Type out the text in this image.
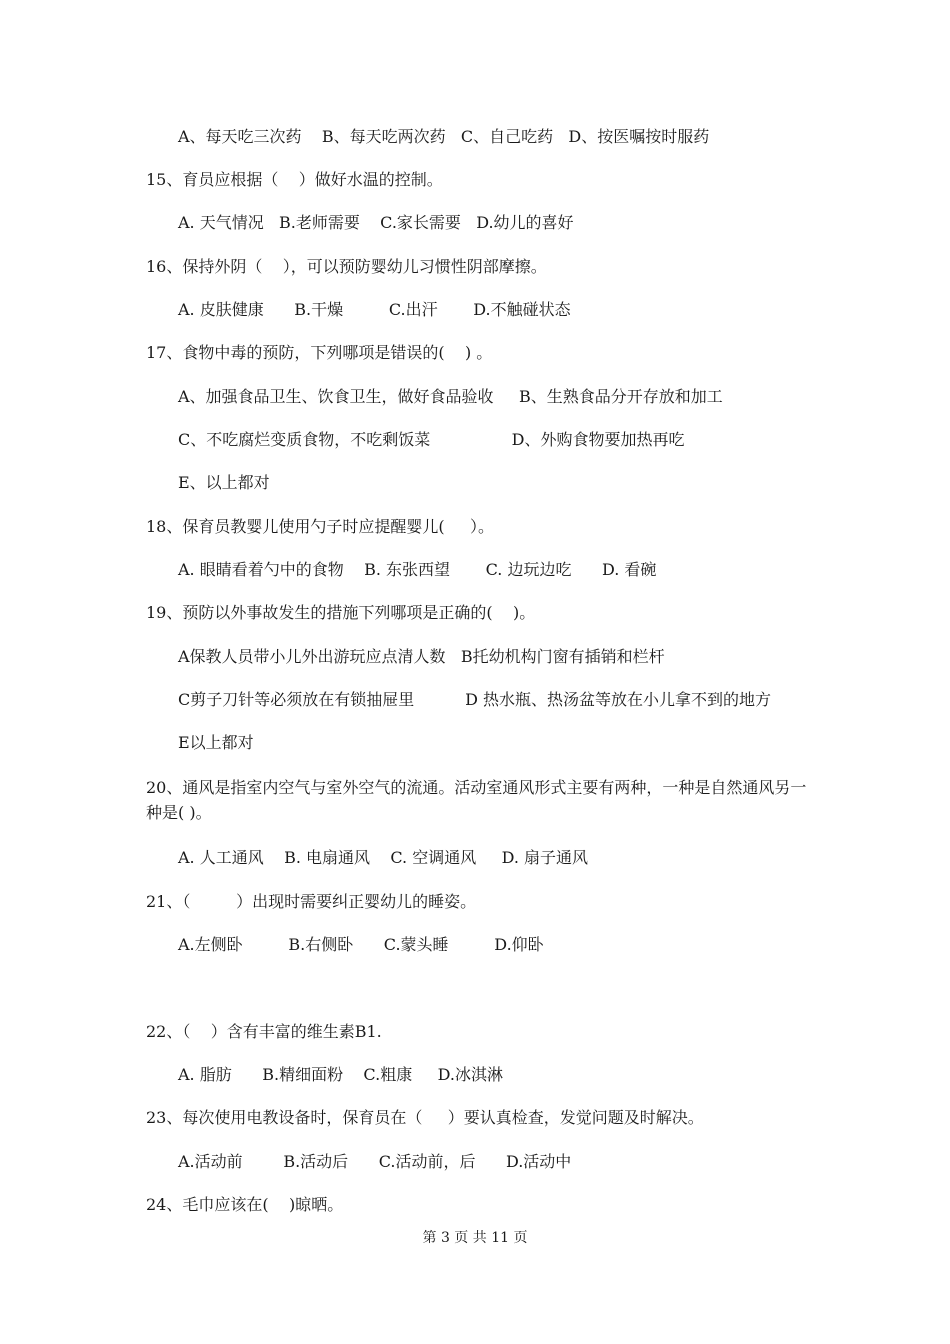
A、每天吃三次药    B、每天吃两次药   C、自己吃药   D、按医嘱按时服药
15、育员应根据（    ）做好水温的控制。
A. 天气情况   B.老师需要    C.家长需要   D.幼儿的喜好
16、保持外阴（    ），可以预防婴幼儿习惯性阴部摩擦。
A. 皮肤健康      B.干燥         C.出汗       D.不触碰状态
17、食物中毒的预防，下列哪项是错误的(    ) 。
A、加强食品卫生、饮食卫生，做好食品验收     B、生熟食品分开存放和加工
C、不吃腐烂变质食物，不吃剩饭菜                D、外购食物要加热再吃
E、以上都对
18、保育员教婴儿使用勺子时应提醒婴儿(     ）。
A. 眼睛看着勺中的食物    B. 东张西望       C. 边玩边吃      D. 看碗
19、预防以外事故发生的措施下列哪项是正确的(    )。
A保教人员带小儿外出游玩应点清人数   B托幼机构门窗有插销和栏杆
C剪子刀针等必须放在有锁抽屉里          D 热水瓶、热汤盆等放在小儿拿不到的地方
E以上都对
20、通风是指室内空气与室外空气的流通。活动室通风形式主要有两种，一种是自然通风另一种是( )。
A. 人工通风    B. 电扇通风    C. 空调通风     D. 扇子通风
21、（         ）出现时需要纠正婴幼儿的睡姿。
A.左侧卧         B.右侧卧      C.蒙头睡         D.仰卧
22、（    ）含有丰富的维生素B1.
A. 脂肪      B.精细面粉    C.粗康     D.冰淇淋
23、每次使用电教设备时，保育员在（     ）要认真检查，发觉问题及时解决。
A.活动前        B.活动后      C.活动前，后      D.活动中
24、毛巾应该在(    )晾晒。
第 3 页 共 11 页
